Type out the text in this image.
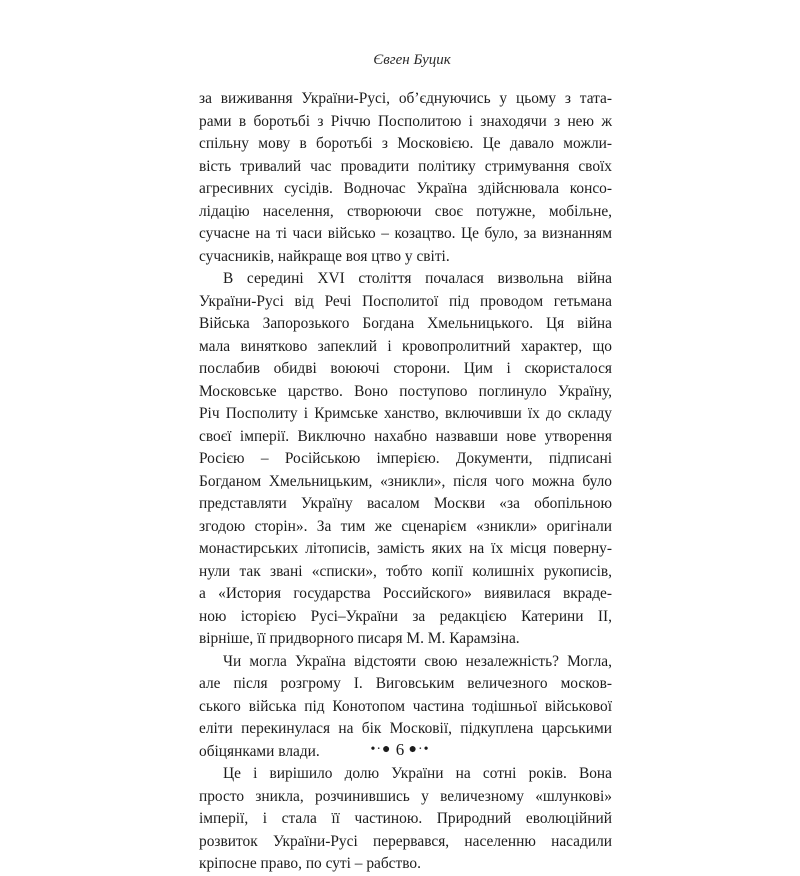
Євген Буцик

за виживання України-Русі, об’єднуючись у цьому з тата-
рами в боротьбі з Річчю Посполитою і знаходячи з нею ж
спільну мову в боротьбі з Московією. Це давало можли-
вість тривалий час провадити політику стримування своїх
агресивних сусідів. Водночас Україна здійснювала консо-
лідацію населення, створюючи своє потужне, мобільне,
сучасне на ті часи військо – козацтво. Це було, за визнанням
сучасників, найкраще воя цтво у світі.

В середині XVI століття почалася визвольна війна
України-Русі від Речі Посполитої під проводом гетьмана
Війська Запорозького Богдана Хмельницького. Ця війна
мала винятково запеклий і кровопролитний характер, що
послабив обидві воюючі сторони. Цим і скористалося
Московське царство. Воно поступово поглинуло Україну,
Річ Посполиту і Кримське ханство, включивши їх до складу
своєї імперії. Виключно нахабно назвавши нове утворення
Росією – Російською імперією. Документи, підписані
Богданом Хмельницьким, «зникли», після чого можна було
представляти Україну васалом Москви «за обопільною
згодою сторін». За тим же сценарієм «зникли» оригінали
монастирських літописів, замість яких на їх місця поверну-
нули так звані «списки», тобто копії колишніх рукописів,
а «История государства Российского» виявилася вкраде-
ною історією Русі–України за редакцією Катерини II,
вірніше, її придворного писаря М. М. Карамзіна.

Чи могла Україна відстояти свою незалежність? Могла,
але після розгрому І. Виговським величезного москов-
ського війська під Конотопом частина тодішньої військової
еліти перекинулася на бік Московії, підкуплена царськими
обіцянками влади.

Це і вирішило долю України на сотні років. Вона
просто зникла, розчинившись у величезному «шлункові»
імперії, і стала її частиною. Природний еволюційний
розвиток України-Русі перервався, населенню насадили
кріпосне право, по суті – рабство.

•·● 6 ●·•
